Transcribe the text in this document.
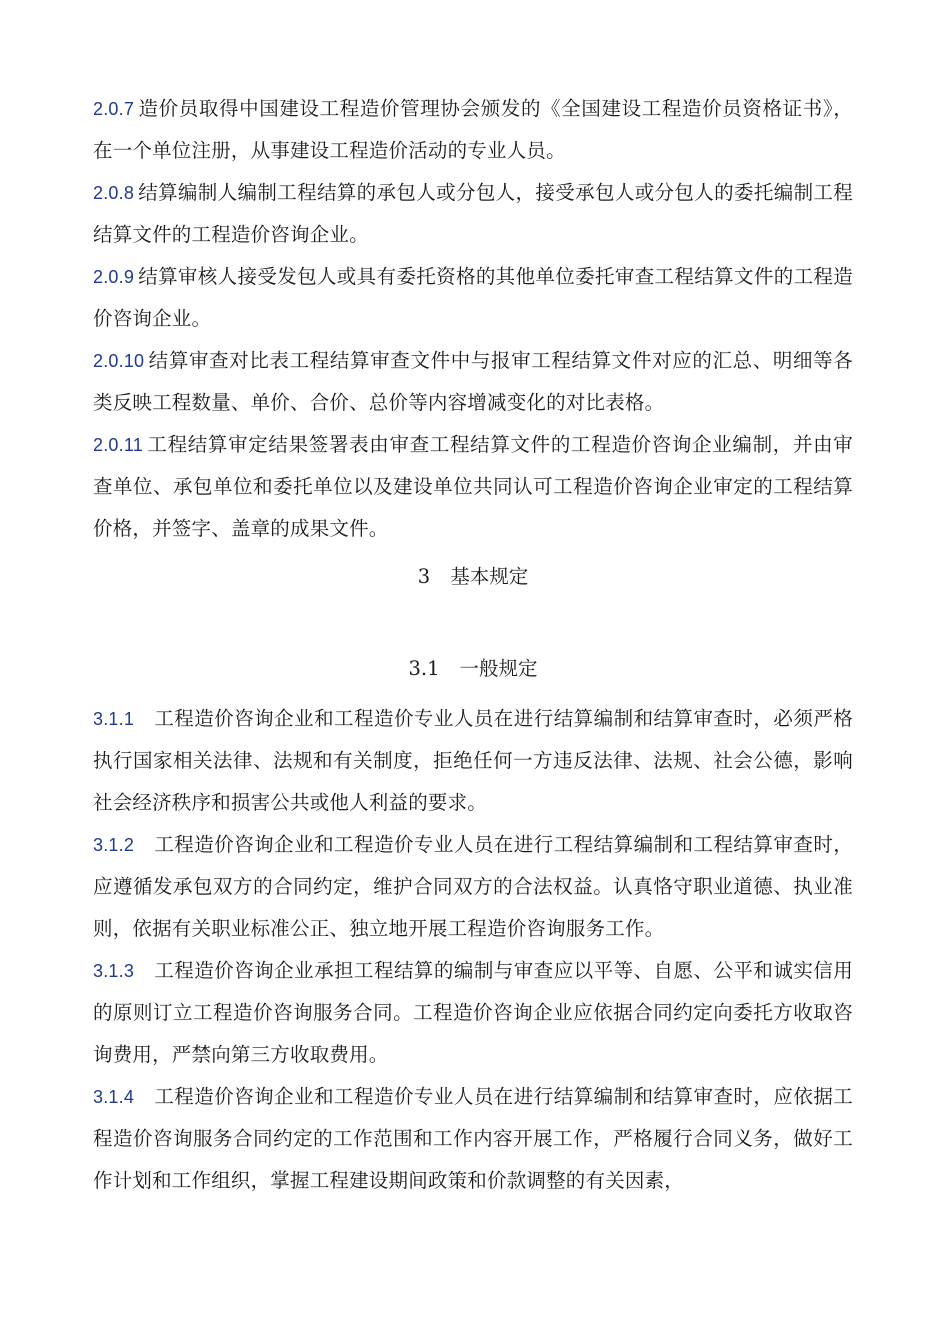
2.0.7 造价员取得中国建设工程造价管理协会颁发的《全国建设工程造价员资格证书》，在一个单位注册，从事建设工程造价活动的专业人员。

2.0.8 结算编制人编制工程结算的承包人或分包人，接受承包人或分包人的委托编制工程结算文件的工程造价咨询企业。

2.0.9 结算审核人接受发包人或具有委托资格的其他单位委托审查工程结算文件的工程造价咨询企业。

2.0.10 结算审查对比表工程结算审查文件中与报审工程结算文件对应的汇总、明细等各类反映工程数量、单价、合价、总价等内容增减变化的对比表格。

2.0.11 工程结算审定结果签署表由审查工程结算文件的工程造价咨询企业编制，并由审查单位、承包单位和委托单位以及建设单位共同认可工程造价咨询企业审定的工程结算价格，并签字、盖章的成果文件。

3 基本规定

3.1 一般规定

3.1.1 工程造价咨询企业和工程造价专业人员在进行结算编制和结算审查时，必须严格执行国家相关法律、法规和有关制度，拒绝任何一方违反法律、法规、社会公德，影响社会经济秩序和损害公共或他人利益的要求。

3.1.2 工程造价咨询企业和工程造价专业人员在进行工程结算编制和工程结算审查时，应遵循发承包双方的合同约定，维护合同双方的合法权益。认真恪守职业道德、执业准则，依据有关职业标准公正、独立地开展工程造价咨询服务工作。

3.1.3 工程造价咨询企业承担工程结算的编制与审查应以平等、自愿、公平和诚实信用的原则订立工程造价咨询服务合同。工程造价咨询企业应依据合同约定向委托方收取咨询费用，严禁向第三方收取费用。

3.1.4 工程造价咨询企业和工程造价专业人员在进行结算编制和结算审查时，应依据工程造价咨询服务合同约定的工作范围和工作内容开展工作，严格履行合同义务，做好工作计划和工作组织，掌握工程建设期间政策和价款调整的有关因素，
